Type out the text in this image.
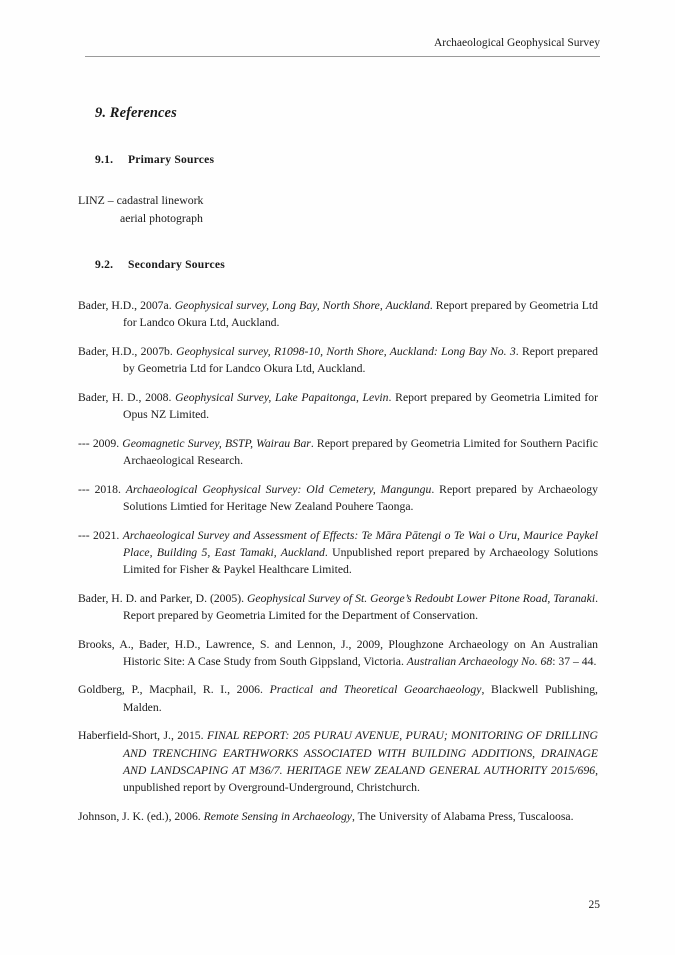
Archaeological Geophysical Survey
9. References
9.1. Primary Sources

LINZ – cadastral linework

aerial photograph

9.2. Secondary Sources
Bader, H.D., 2007a. Geophysical survey, Long Bay, North Shore, Auckland. Report prepared by Geometria Ltd for Landco Okura Ltd, Auckland.
Bader, H.D., 2007b. Geophysical survey, R1098-10, North Shore, Auckland: Long Bay No. 3. Report prepared by Geometria Ltd for Landco Okura Ltd, Auckland.
Bader, H. D., 2008. Geophysical Survey, Lake Papaitonga, Levin. Report prepared by Geometria Limited for Opus NZ Limited.
--- 2009. Geomagnetic Survey, BSTP, Wairau Bar. Report prepared by Geometria Limited for Southern Pacific Archaeological Research.
--- 2018. Archaeological Geophysical Survey: Old Cemetery, Mangungu. Report prepared by Archaeology Solutions Limtied for Heritage New Zealand Pouhere Taonga.
--- 2021. Archaeological Survey and Assessment of Effects: Te Māra Pātengi o Te Wai o Uru, Maurice Paykel Place, Building 5, East Tamaki, Auckland. Unpublished report prepared by Archaeology Solutions Limited for Fisher & Paykel Healthcare Limited.
Bader, H. D. and Parker, D. (2005). Geophysical Survey of St. George’s Redoubt Lower Pitone Road, Taranaki. Report prepared by Geometria Limited for the Department of Conservation.
Brooks, A., Bader, H.D., Lawrence, S. and Lennon, J., 2009, Ploughzone Archaeology on An Australian Historic Site: A Case Study from South Gippsland, Victoria. Australian Archaeology No. 68: 37 – 44.
Goldberg, P., Macphail, R. I., 2006. Practical and Theoretical Geoarchaeology, Blackwell Publishing, Malden.
Haberfield-Short, J., 2015. FINAL REPORT: 205 PURAU AVENUE, PURAU; MONITORING OF DRILLING AND TRENCHING EARTHWORKS ASSOCIATED WITH BUILDING ADDITIONS, DRAINAGE AND LANDSCAPING AT M36/7. HERITAGE NEW ZEALAND GENERAL AUTHORITY 2015/696, unpublished report by Overground-Underground, Christchurch.
Johnson, J. K. (ed.), 2006. Remote Sensing in Archaeology, The University of Alabama Press, Tuscaloosa.
25
